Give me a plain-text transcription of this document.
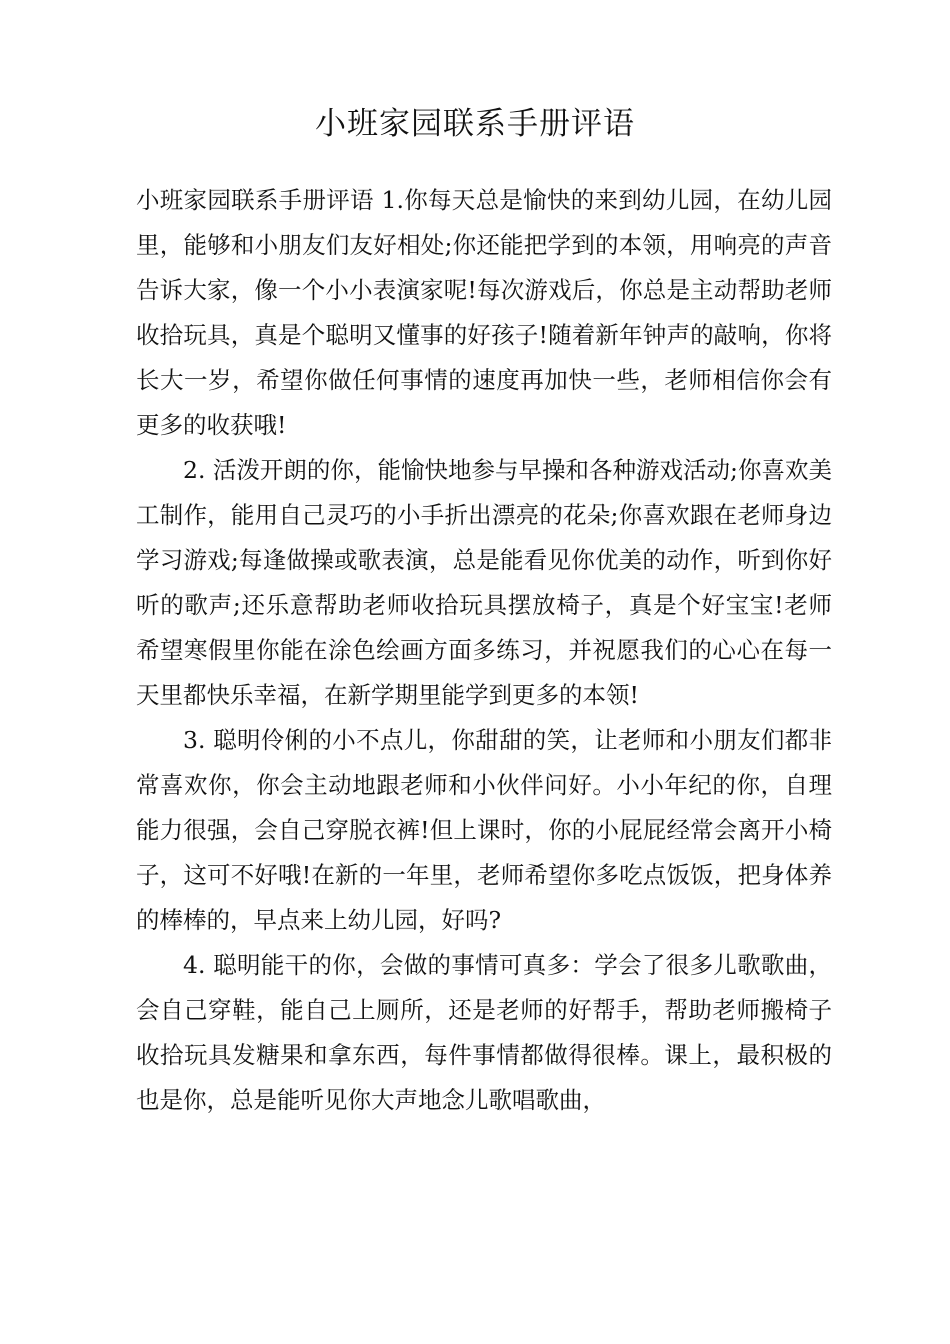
小班家园联系手册评语

小班家园联系手册评语 1.你每天总是愉快的来到幼儿园，在幼儿园里，能够和小朋友们友好相处;你还能把学到的本领，用响亮的声音告诉大家，像一个小小表演家呢!每次游戏后，你总是主动帮助老师收拾玩具，真是个聪明又懂事的好孩子!随着新年钟声的敲响，你将长大一岁，希望你做任何事情的速度再加快一些，老师相信你会有更多的收获哦!

2. 活泼开朗的你，能愉快地参与早操和各种游戏活动;你喜欢美工制作，能用自己灵巧的小手折出漂亮的花朵;你喜欢跟在老师身边学习游戏;每逢做操或歌表演，总是能看见你优美的动作，听到你好听的歌声;还乐意帮助老师收拾玩具摆放椅子，真是个好宝宝!老师希望寒假里你能在涂色绘画方面多练习，并祝愿我们的心心在每一天里都快乐幸福，在新学期里能学到更多的本领!

3. 聪明伶俐的小不点儿，你甜甜的笑，让老师和小朋友们都非常喜欢你，你会主动地跟老师和小伙伴问好。小小年纪的你，自理能力很强，会自己穿脱衣裤!但上课时，你的小屁屁经常会离开小椅子，这可不好哦!在新的一年里，老师希望你多吃点饭饭，把身体养的棒棒的，早点来上幼儿园，好吗?

4. 聪明能干的你，会做的事情可真多：学会了很多儿歌歌曲，会自己穿鞋，能自己上厕所，还是老师的好帮手，帮助老师搬椅子收拾玩具发糖果和拿东西，每件事情都做得很棒。课上，最积极的也是你，总是能听见你大声地念儿歌唱歌曲，
